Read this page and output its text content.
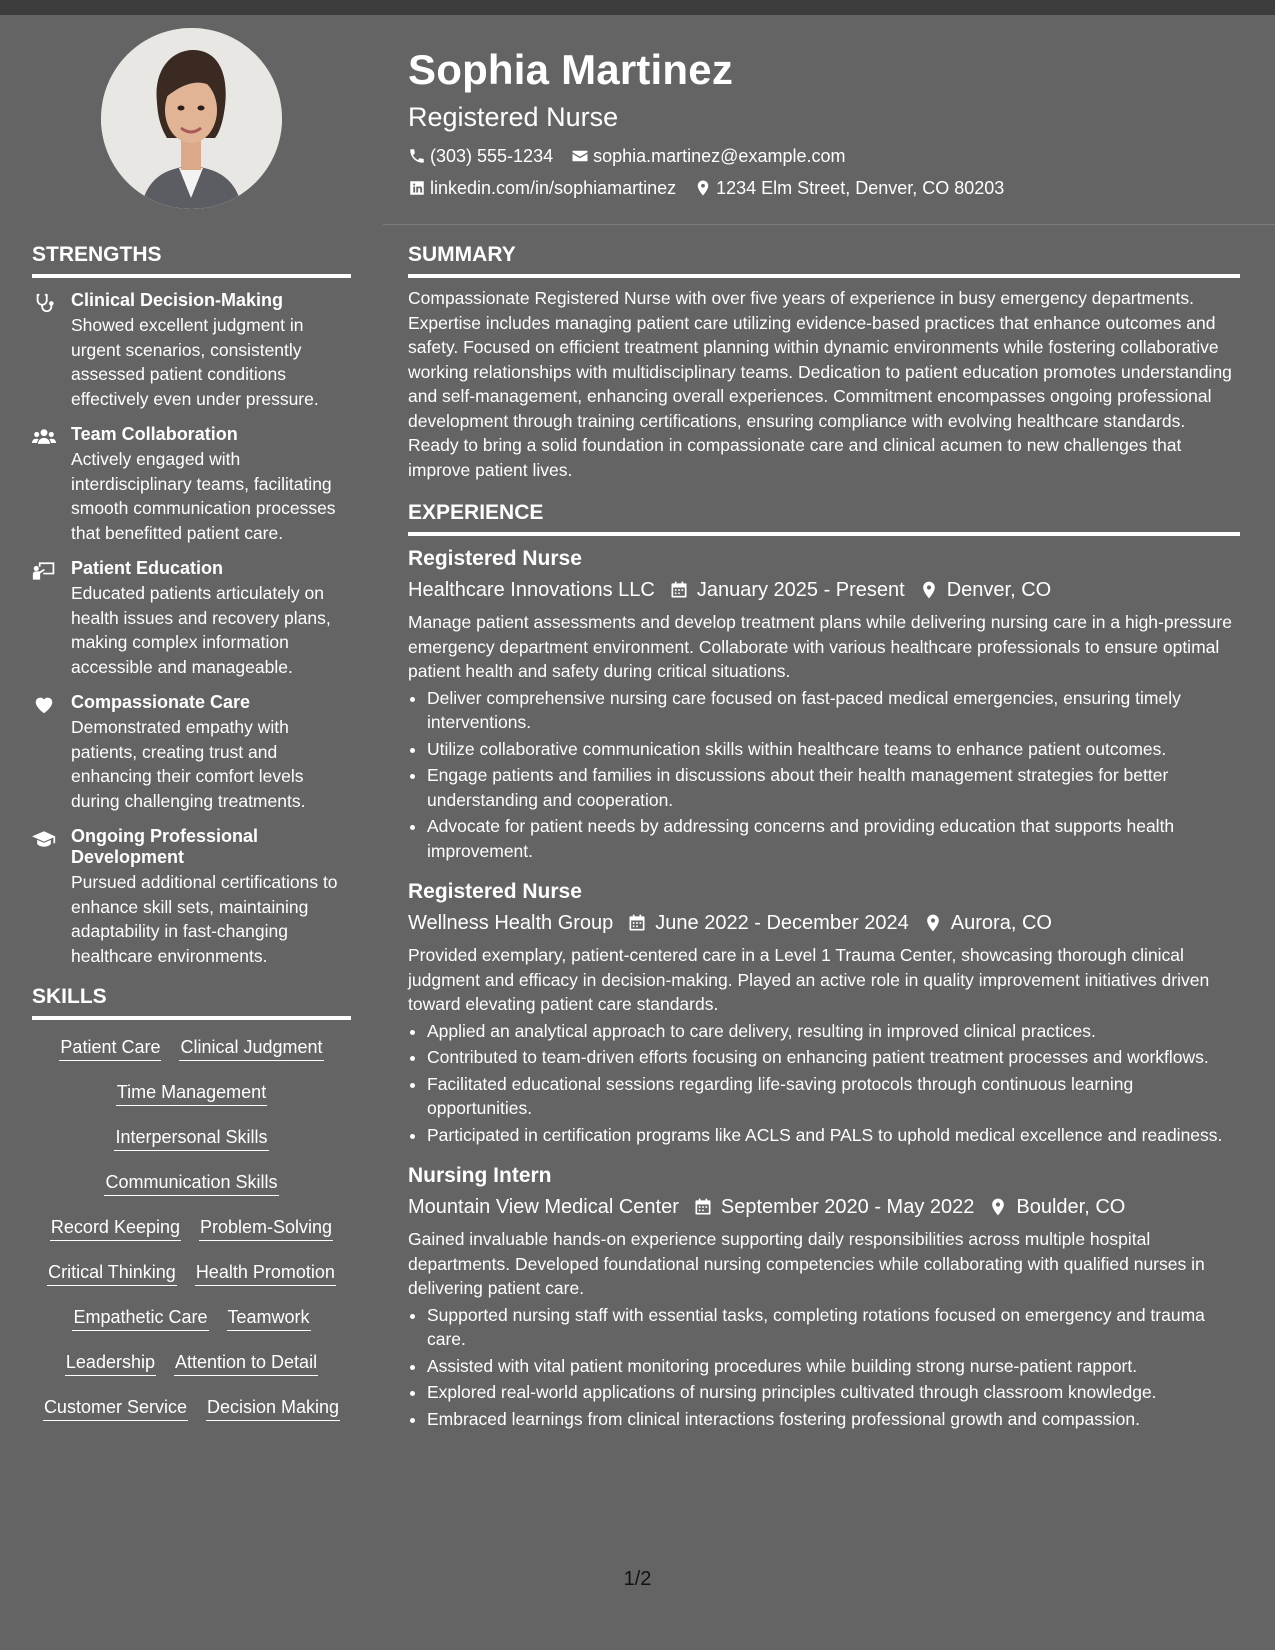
Sophia Martinez
Registered Nurse
(303) 555-1234 sophia.martinez@example.com
linkedin.com/in/sophiamartinez 1234 Elm Street, Denver, CO 80203
STRENGTHS
Clinical Decision-Making
Showed excellent judgment in urgent scenarios, consistently assessed patient conditions effectively even under pressure.
Team Collaboration
Actively engaged with interdisciplinary teams, facilitating smooth communication processes that benefitted patient care.
Patient Education
Educated patients articulately on health issues and recovery plans, making complex information accessible and manageable.
Compassionate Care
Demonstrated empathy with patients, creating trust and enhancing their comfort levels during challenging treatments.
Ongoing Professional Development
Pursued additional certifications to enhance skill sets, maintaining adaptability in fast-changing healthcare environments.
SKILLS
Patient Care Clinical Judgment
Time Management
Interpersonal Skills
Communication Skills
Record Keeping Problem-Solving
Critical Thinking Health Promotion
Empathetic Care Teamwork
Leadership Attention to Detail
Customer Service Decision Making
SUMMARY

Compassionate Registered Nurse with over five years of experience in busy emergency departments. Expertise includes managing patient care utilizing evidence-based practices that enhance outcomes and safety. Focused on efficient treatment planning within dynamic environments while fostering collaborative working relationships with multidisciplinary teams. Dedication to patient education promotes understanding and self-management, enhancing overall experiences. Commitment encompasses ongoing professional development through training certifications, ensuring compliance with evolving healthcare standards. Ready to bring a solid foundation in compassionate care and clinical acumen to new challenges that improve patient lives.

EXPERIENCE
Registered Nurse
Healthcare Innovations LLC January 2025 - Present Denver, CO

Manage patient assessments and develop treatment plans while delivering nursing care in a high-pressure emergency department environment. Collaborate with various healthcare professionals to ensure optimal patient health and safety during critical situations.

• Deliver comprehensive nursing care focused on fast-paced medical emergencies, ensuring timely interventions.
• Utilize collaborative communication skills within healthcare teams to enhance patient outcomes.
• Engage patients and families in discussions about their health management strategies for better understanding and cooperation.
• Advocate for patient needs by addressing concerns and providing education that supports health improvement.
Registered Nurse
Wellness Health Group June 2022 - December 2024 Aurora, CO

Provided exemplary, patient-centered care in a Level 1 Trauma Center, showcasing thorough clinical judgment and efficacy in decision-making. Played an active role in quality improvement initiatives driven toward elevating patient care standards.

• Applied an analytical approach to care delivery, resulting in improved clinical practices.
• Contributed to team-driven efforts focusing on enhancing patient treatment processes and workflows.
• Facilitated educational sessions regarding life-saving protocols through continuous learning opportunities.
• Participated in certification programs like ACLS and PALS to uphold medical excellence and readiness.
Nursing Intern
Mountain View Medical Center September 2020 - May 2022 Boulder, CO

Gained invaluable hands-on experience supporting daily responsibilities across multiple hospital departments. Developed foundational nursing competencies while collaborating with qualified nurses in delivering patient care.

• Supported nursing staff with essential tasks, completing rotations focused on emergency and trauma care.
• Assisted with vital patient monitoring procedures while building strong nurse-patient rapport.
• Explored real-world applications of nursing principles cultivated through classroom knowledge.
• Embraced learnings from clinical interactions fostering professional growth and compassion.
1/2
